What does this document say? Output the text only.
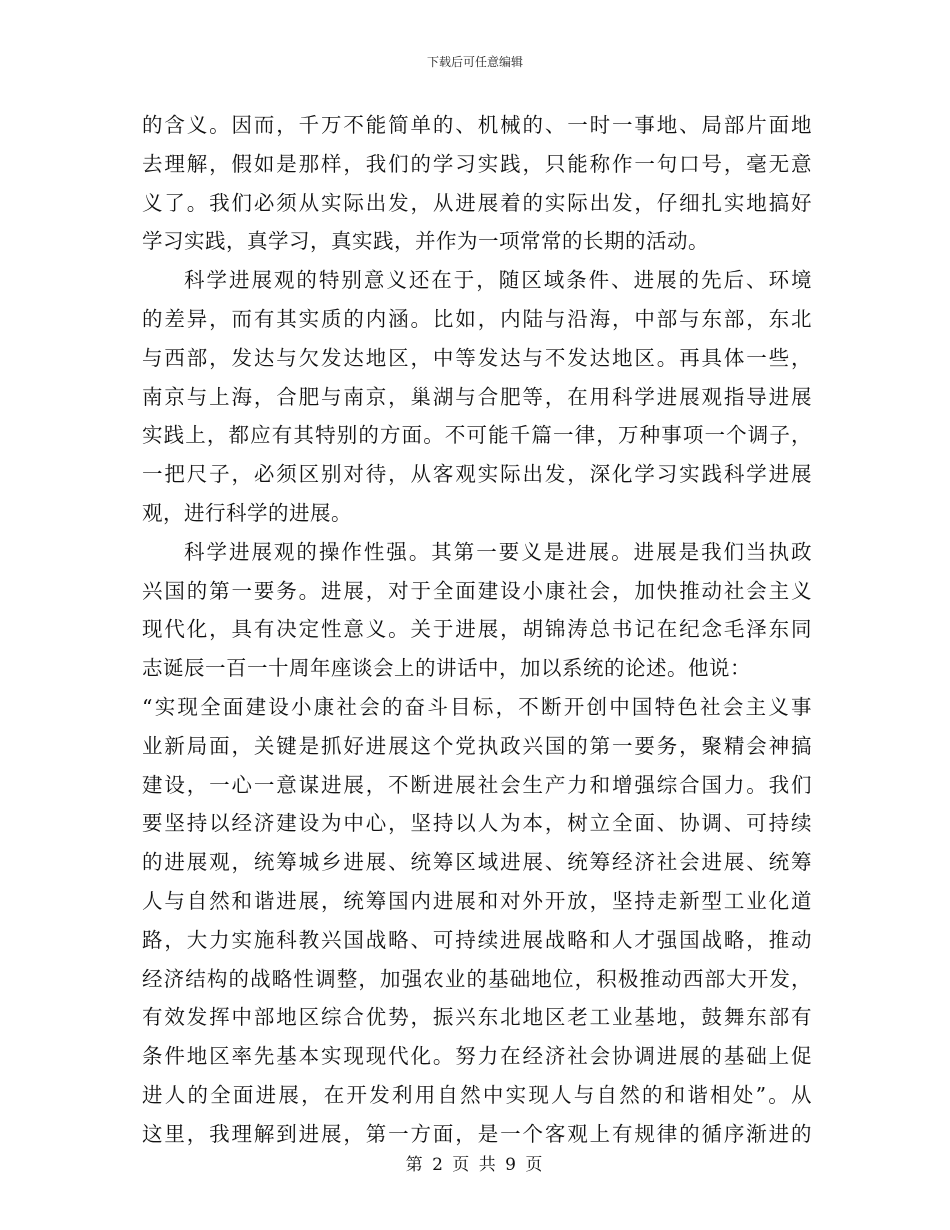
下载后可任意编辑
的含义。因而，千万不能简单的、机械的、一时一事地、局部片面地
去理解，假如是那样，我们的学习实践，只能称作一句口号，毫无意
义了。我们必须从实际出发，从进展着的实际出发，仔细扎实地搞好
学习实践，真学习，真实践，并作为一项常常的长期的活动。
科学进展观的特别意义还在于，随区域条件、进展的先后、环境
的差异，而有其实质的内涵。比如，内陆与沿海，中部与东部，东北
与西部，发达与欠发达地区，中等发达与不发达地区。再具体一些，
南京与上海，合肥与南京，巢湖与合肥等，在用科学进展观指导进展
实践上，都应有其特别的方面。不可能千篇一律，万种事项一个调子，
一把尺子，必须区别对待，从客观实际出发，深化学习实践科学进展
观，进行科学的进展。
科学进展观的操作性强。其第一要义是进展。进展是我们当执政
兴国的第一要务。进展，对于全面建设小康社会，加快推动社会主义
现代化，具有决定性意义。关于进展，胡锦涛总书记在纪念毛泽东同
志诞辰一百一十周年座谈会上的讲话中，加以系统的论述。他说：
“实现全面建设小康社会的奋斗目标，不断开创中国特色社会主义事
业新局面，关键是抓好进展这个党执政兴国的第一要务，聚精会神搞
建设，一心一意谋进展，不断进展社会生产力和增强综合国力。我们
要坚持以经济建设为中心，坚持以人为本，树立全面、协调、可持续
的进展观，统筹城乡进展、统筹区域进展、统筹经济社会进展、统筹
人与自然和谐进展，统筹国内进展和对外开放，坚持走新型工业化道
路，大力实施科教兴国战略、可持续进展战略和人才强国战略，推动
经济结构的战略性调整，加强农业的基础地位，积极推动西部大开发，
有效发挥中部地区综合优势，振兴东北地区老工业基地，鼓舞东部有
条件地区率先基本实现现代化。努力在经济社会协调进展的基础上促
进人的全面进展，在开发利用自然中实现人与自然的和谐相处”。从
这里，我理解到进展，第一方面，是一个客观上有规律的循序渐进的
第 2 页 共 9 页
